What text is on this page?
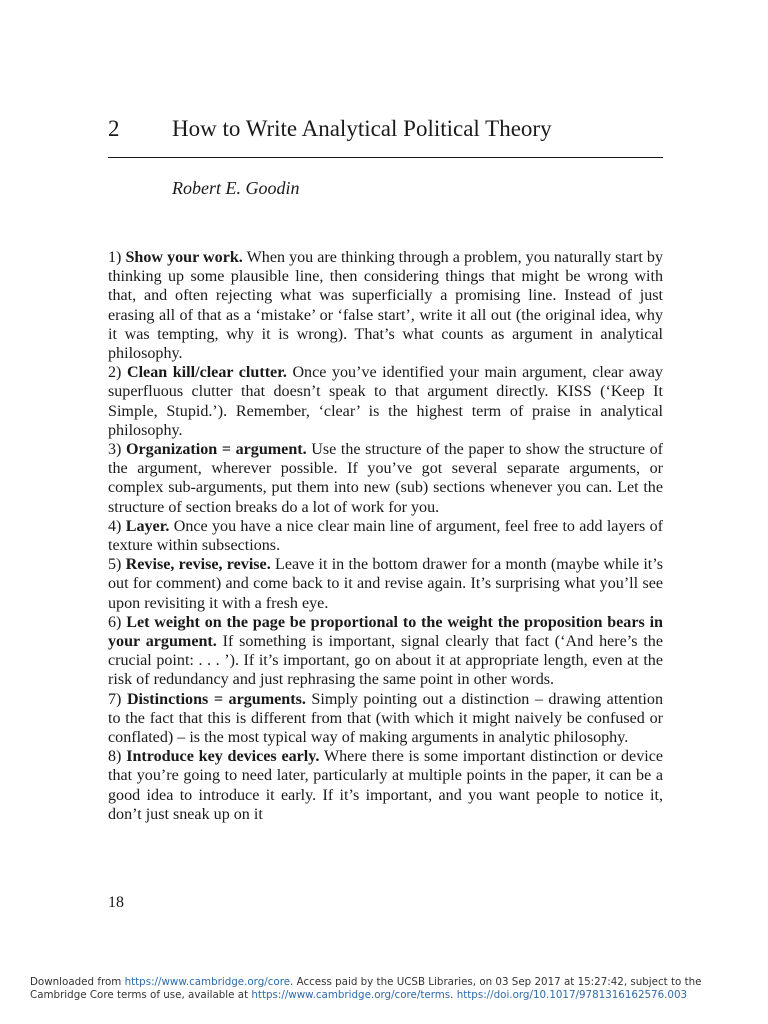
2 How to Write Analytical Political Theory
Robert E. Goodin

1) Show your work. When you are thinking through a problem, you naturally start by thinking up some plausible line, then considering things that might be wrong with that, and often rejecting what was superficially a promising line. Instead of just erasing all of that as a ‘mistake’ or ‘false start’, write it all out (the original idea, why it was tempting, why it is wrong). That’s what counts as argument in analytical philosophy.

2) Clean kill/clear clutter. Once you’ve identified your main argument, clear away superfluous clutter that doesn’t speak to that argument directly. KISS (‘Keep It Simple, Stupid.’). Remember, ‘clear’ is the highest term of praise in analytical philosophy.

3) Organization = argument. Use the structure of the paper to show the structure of the argument, wherever possible. If you’ve got several separate arguments, or complex sub-arguments, put them into new (sub) sections whenever you can. Let the structure of section breaks do a lot of work for you.

4) Layer. Once you have a nice clear main line of argument, feel free to add layers of texture within subsections.

5) Revise, revise, revise. Leave it in the bottom drawer for a month (maybe while it’s out for comment) and come back to it and revise again. It’s surprising what you’ll see upon revisiting it with a fresh eye.

6) Let weight on the page be proportional to the weight the proposition bears in your argument. If something is important, signal clearly that fact (‘And here’s the crucial point: . . . ’). If it’s important, go on about it at appropriate length, even at the risk of redundancy and just rephrasing the same point in other words.

7) Distinctions = arguments. Simply pointing out a distinction – drawing attention to the fact that this is different from that (with which it might naively be confused or conflated) – is the most typical way of making arguments in analytic philosophy.

8) Introduce key devices early. Where there is some important distinction or device that you’re going to need later, particularly at multiple points in the paper, it can be a good idea to introduce it early. If it’s important, and you want people to notice it, don’t just sneak up on it

18
Downloaded from https://www.cambridge.org/core. Access paid by the UCSB Libraries, on 03 Sep 2017 at 15:27:42, subject to the
Cambridge Core terms of use, available at https://www.cambridge.org/core/terms. https://doi.org/10.1017/9781316162576.003
